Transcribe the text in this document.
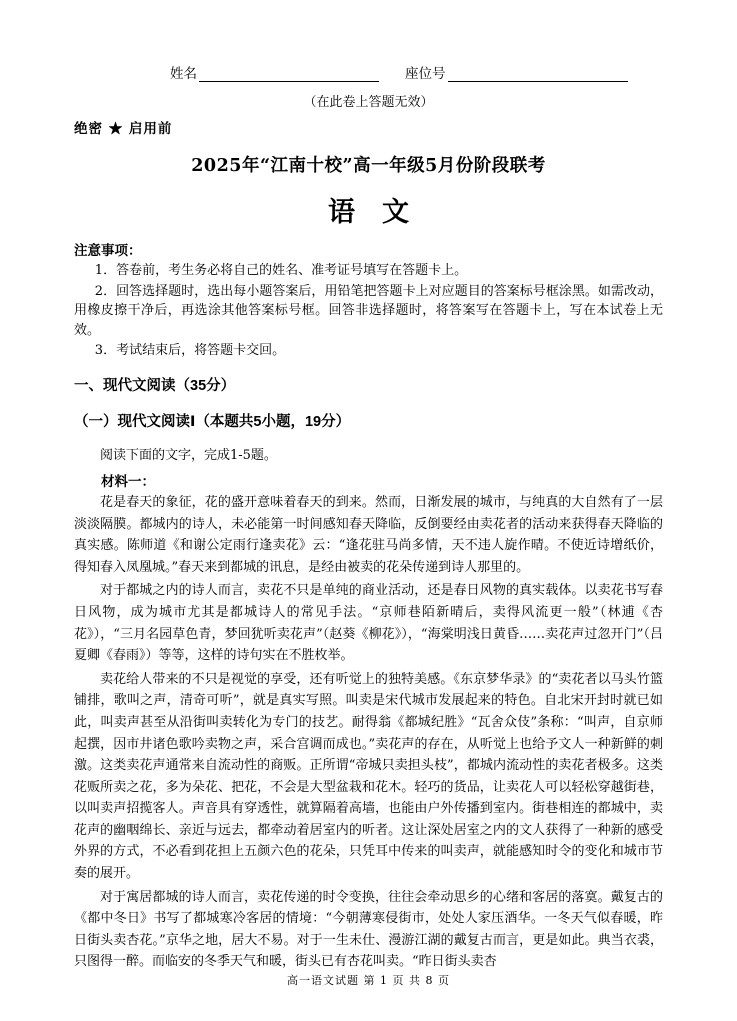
姓名	座位号
（在此卷上答题无效）
绝密 ★ 启用前
2025年“江南十校”高一年级5月份阶段联考
语　文

注意事项：

1．答卷前，考生务必将自己的姓名、准考证号填写在答题卡上。

2．回答选择题时，选出每小题答案后，用铅笔把答题卡上对应题目的答案标号框涂黑。如需改动，用橡皮擦干净后，再选涂其他答案标号框。回答非选择题时，将答案写在答题卡上，写在本试卷上无效。

3．考试结束后，将答题卡交回。

一、现代文阅读（35分）

（一）现代文阅读Ⅰ（本题共5小题，19分）

阅读下面的文字，完成1-5题。

材料一：

花是春天的象征，花的盛开意味着春天的到来。然而，日渐发展的城市，与纯真的大自然有了一层淡淡隔膜。都城内的诗人，未必能第一时间感知春天降临，反倒要经由卖花者的活动来获得春天降临的真实感。陈师道《和谢公定雨行逢卖花》云：“逢花驻马尚多情，天不违人旋作晴。不使近诗增纸价，得知春入凤凰城。”春天来到都城的讯息，是经由被卖的花朵传递到诗人那里的。

对于都城之内的诗人而言，卖花不只是单纯的商业活动，还是春日风物的真实载体。以卖花书写春日风物，成为城市尤其是都城诗人的常见手法。“京师巷陌新晴后，卖得风流更一般”（林逋《杏花》），“三月名园草色青，梦回犹听卖花声”（赵葵《柳花》），“海棠明浅日黄昏……卖花声过忽开门”（吕夏卿《春雨》）等等，这样的诗句实在不胜枚举。

卖花给人带来的不只是视觉的享受，还有听觉上的独特美感。《东京梦华录》的“卖花者以马头竹篮铺排，歌叫之声，清奇可听”，就是真实写照。叫卖是宋代城市发展起来的特色。自北宋开封时就已如此，叫卖声甚至从沿街叫卖转化为专门的技艺。耐得翁《都城纪胜》“瓦舍众伎”条称：“叫声，自京师起撰，因市井诸色歌吟卖物之声，采合宫调而成也。”卖花声的存在，从听觉上也给予文人一种新鲜的刺激。这类卖花声通常来自流动性的商贩。正所谓“帝城只卖担头枝”，都城内流动性的卖花者极多。这类花贩所卖之花，多为朵花、把花，不会是大型盆栽和花木。轻巧的货品，让卖花人可以轻松穿越街巷，以叫卖声招揽客人。声音具有穿透性，就算隔着高墙，也能由户外传播到室内。街巷相连的都城中，卖花声的幽咽绵长、亲近与远去，都牵动着居室内的听者。这让深处居室之内的文人获得了一种新的感受外界的方式，不必看到花担上五颜六色的花朵，只凭耳中传来的叫卖声，就能感知时令的变化和城市节奏的展开。

对于寓居都城的诗人而言，卖花传递的时令变换，往往会牵动思乡的心绪和客居的落寞。戴复古的《都中冬日》书写了都城寒冷客居的情境：“今朝薄寒侵街市，处处人家压酒华。一冬天气似春暖，昨日街头卖杏花。”京华之地，居大不易。对于一生未仕、漫游江湖的戴复古而言，更是如此。典当衣裘，只图得一醉。而临安的冬季天气和暖，街头已有杏花叫卖。“昨日街头卖杏

高一语文试题 第 1 页 共 8 页
